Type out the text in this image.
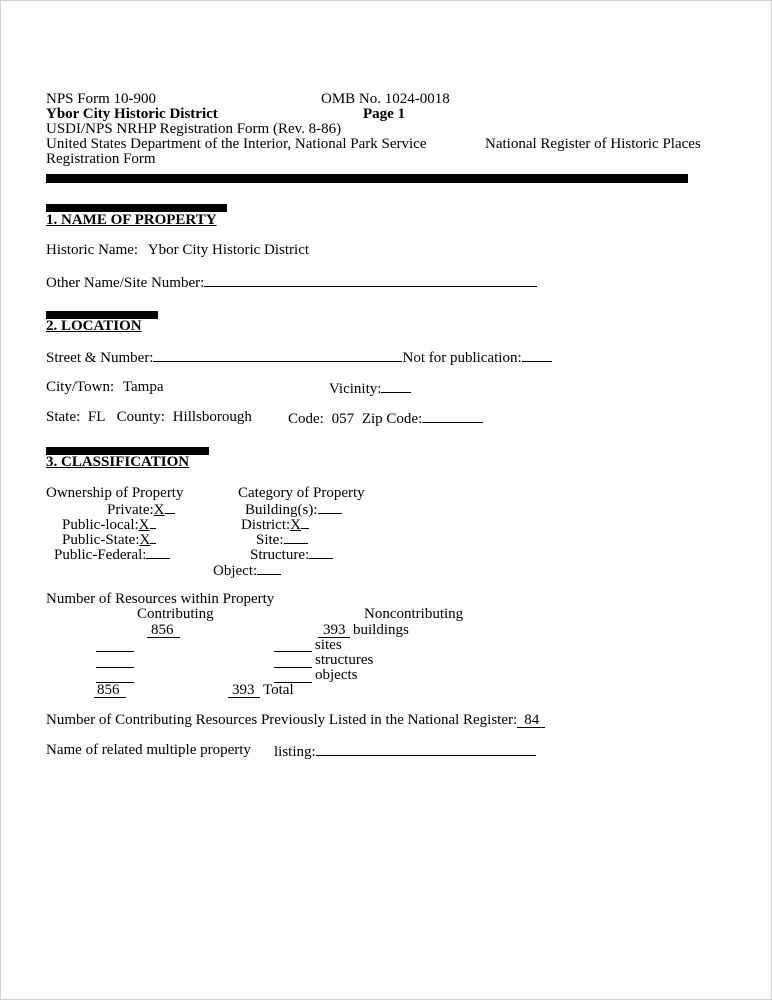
NPS Form 10-900	OMB No. 1024-0018
Ybor City Historic District	Page 1
USDI/NPS NRHP Registration Form (Rev. 8-86)
United States Department of the Interior, National Park Service	National Register of Historic Places
Registration Form
1. NAME OF PROPERTY
Historic Name: Ybor City Historic District
Other Name/Site Number:
2. LOCATION
Street & Number:	Not for publication:
City/Town: Tampa	Vicinity:
State: FL County: Hillsborough Code: 057 Zip Code:
3. CLASSIFICATION
Ownership of Property	Category of Property
Private:X	Building(s):
Public-local:X	District:X
Public-State:X	Site:
Public-Federal:	Structure:
Object:
Number of Resources within Property
Contributing	Noncontributing
856	393 buildings
sites
structures
objects
856	393 Total
Number of Contributing Resources Previously Listed in the National Register: 84
Name of related multiple property listing:
